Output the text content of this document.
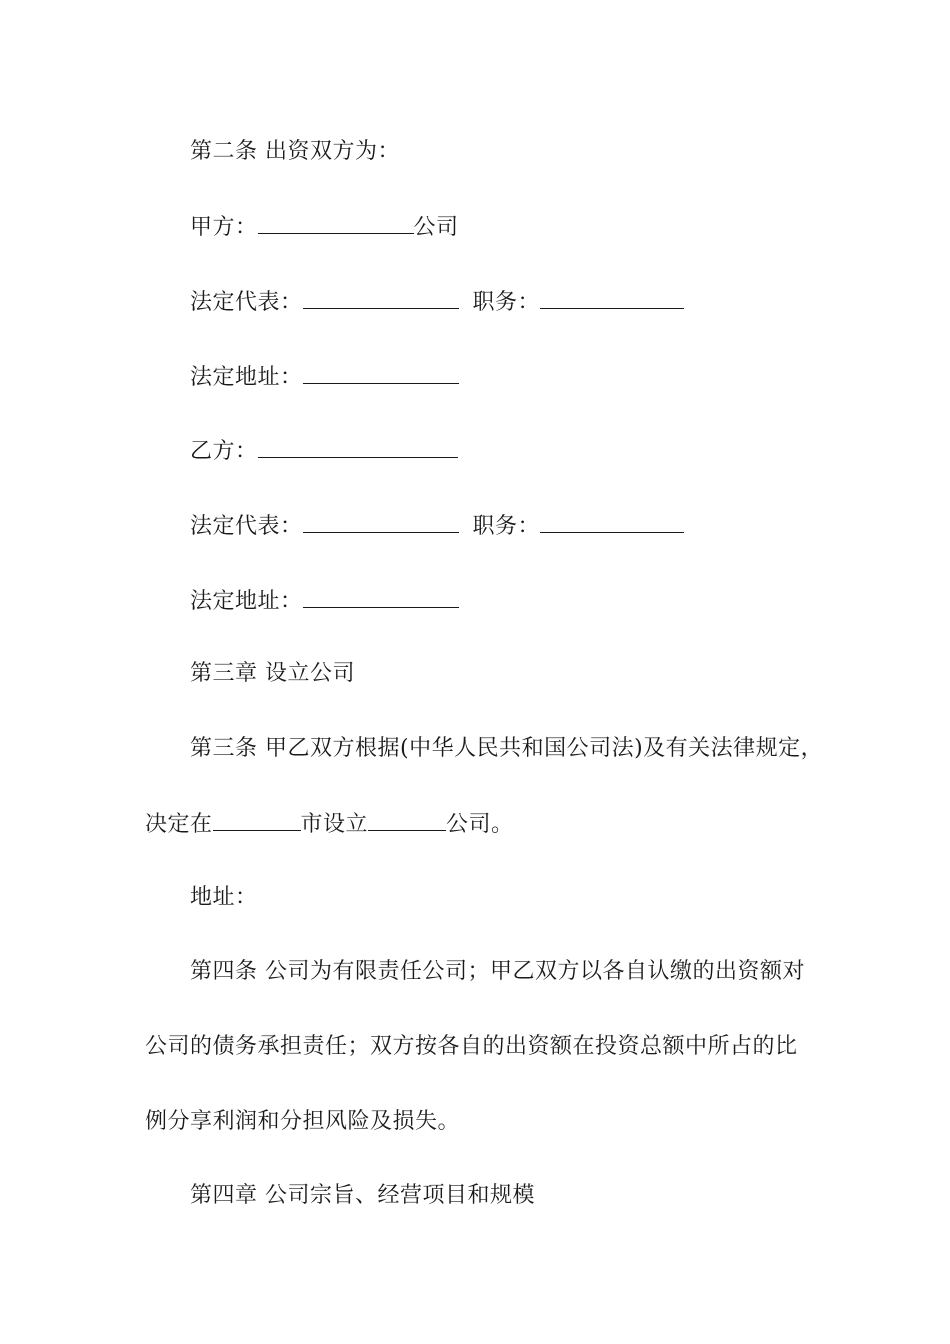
第二条 出资双方为：
甲方：	公司
法定代表：	职务：
法定地址：
乙方：
法定代表：	职务：
法定地址：
第三章 设立公司
第三条 甲乙双方根据(中华人民共和国公司法)及有关法律规定，
决定在	市设立	公司。
地址：
第四条 公司为有限责任公司；甲乙双方以各自认缴的出资额对
公司的债务承担责任；双方按各自的出资额在投资总额中所占的比
例分享利润和分担风险及损失。
第四章 公司宗旨、经营项目和规模
